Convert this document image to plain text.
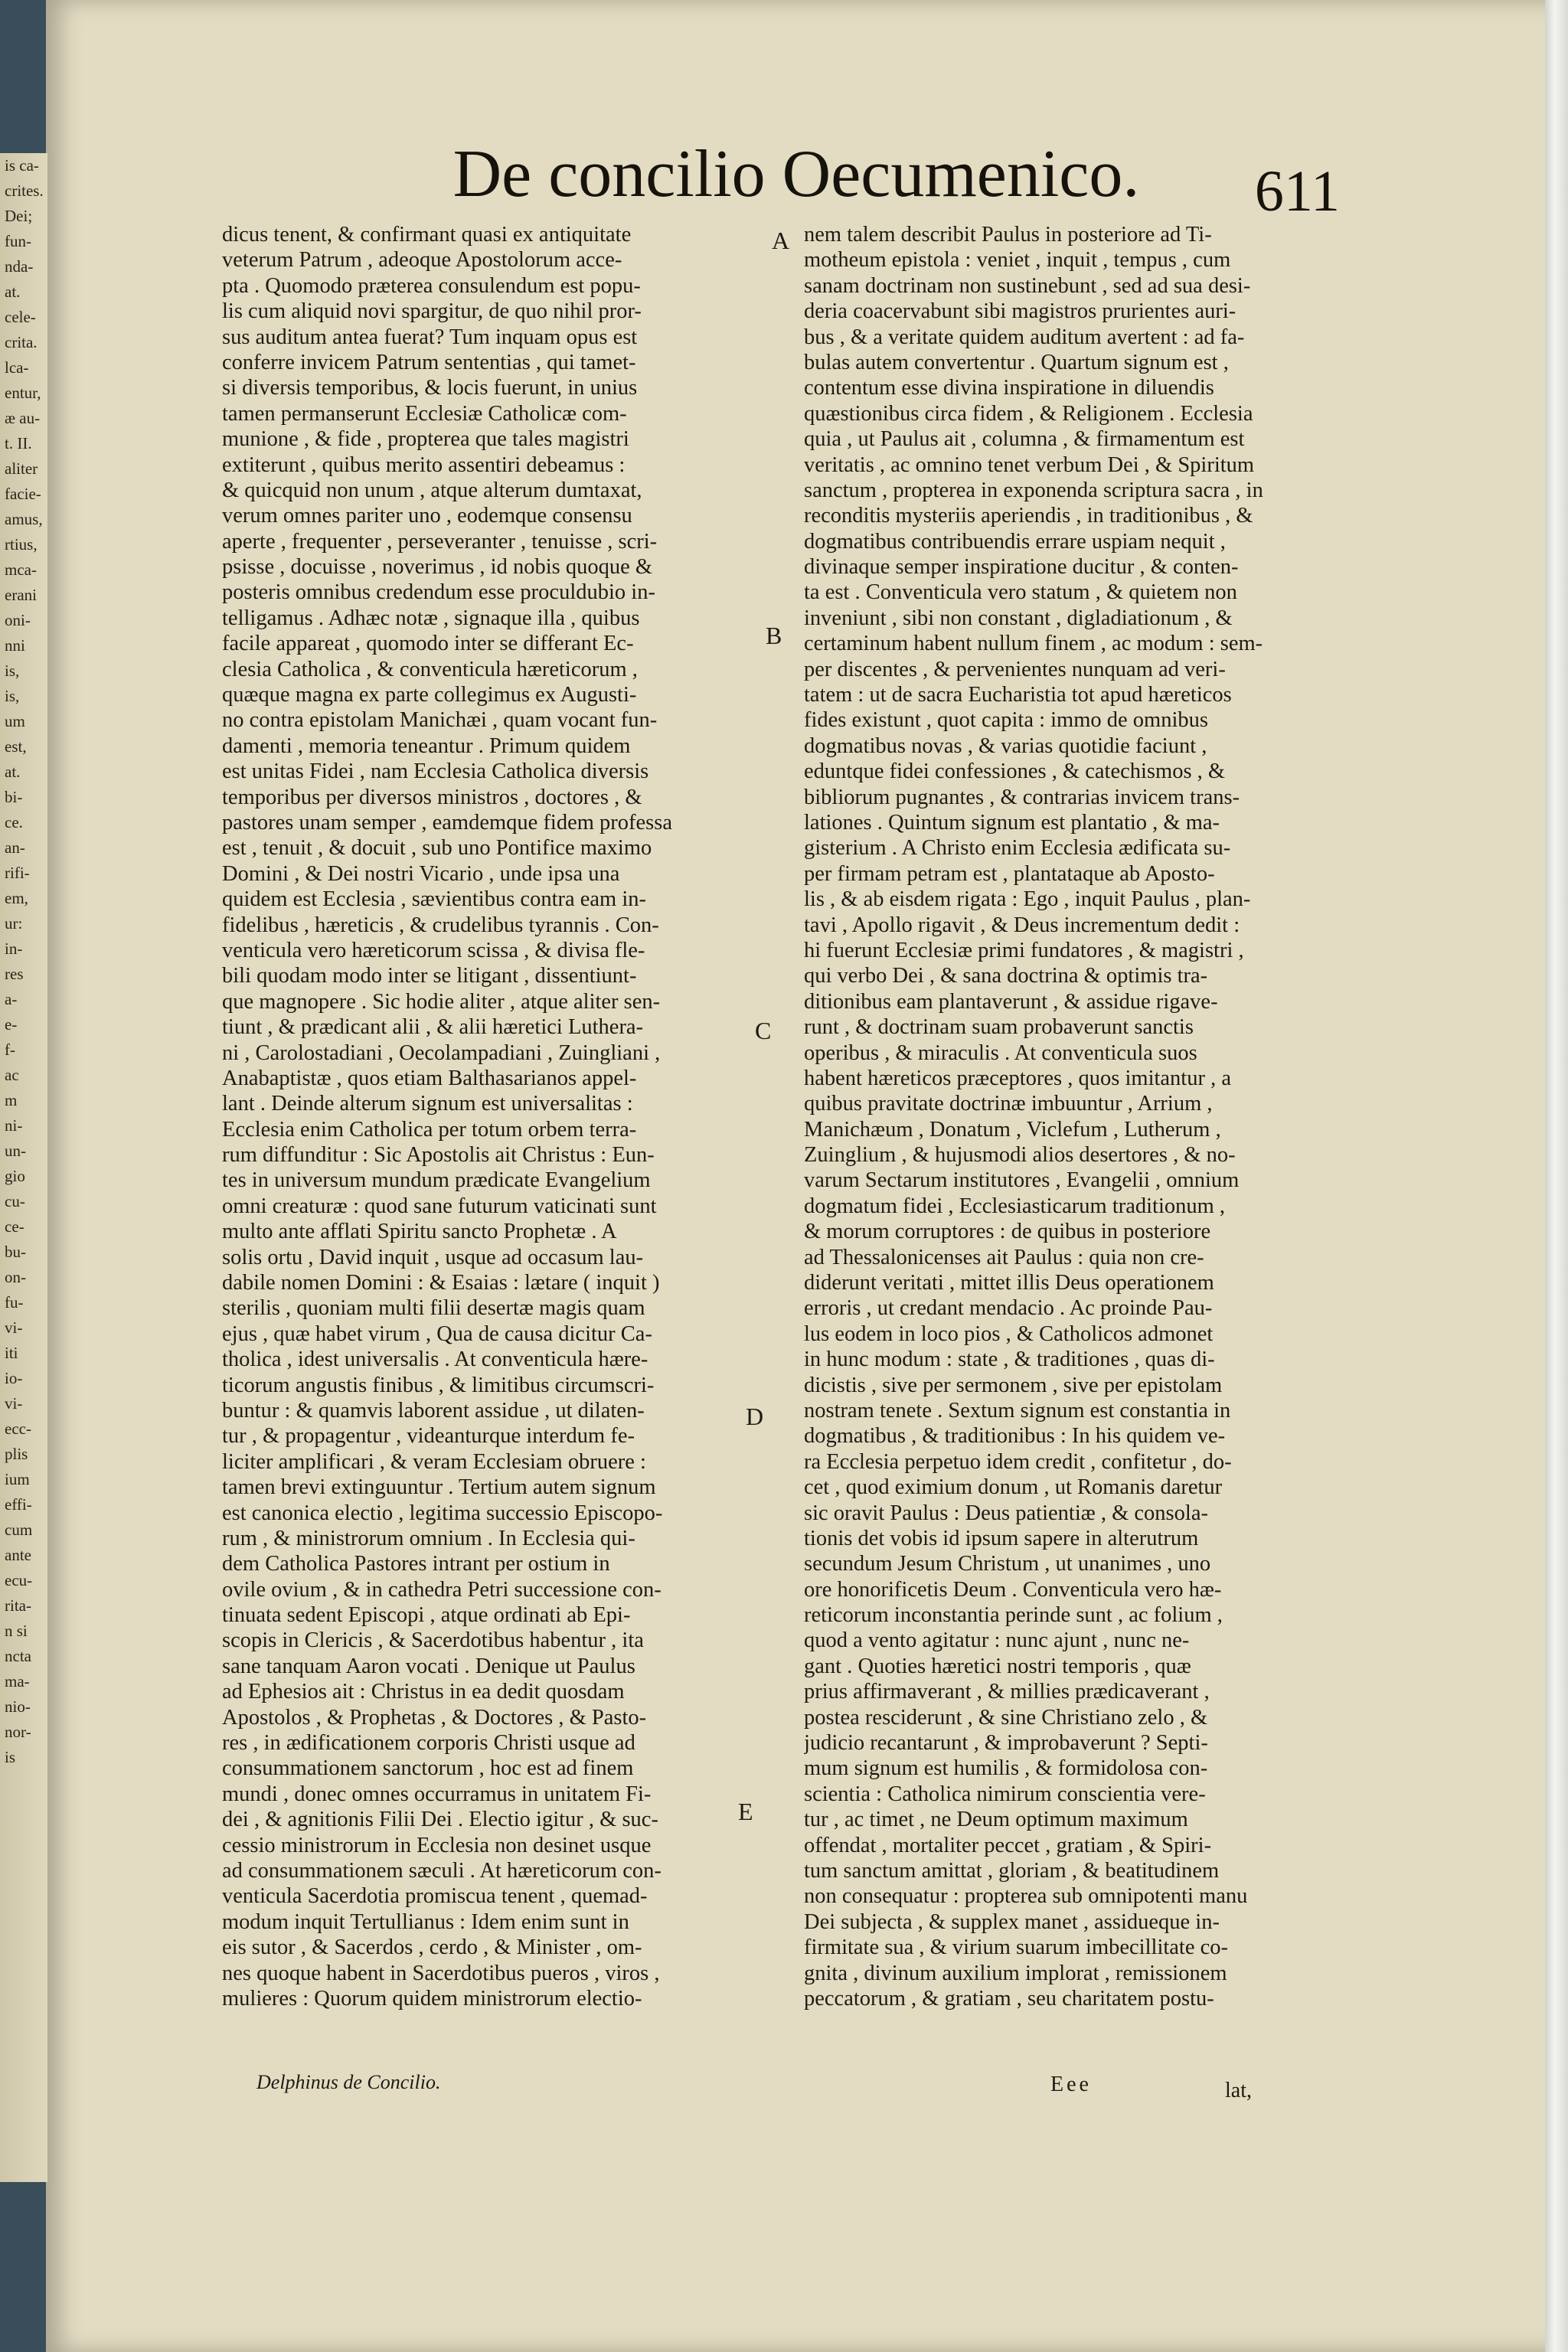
is ca-
crites.
Dei;
fun-
nda-
at.
cele-
crita.
lca-
entur,
æ au-
t. II.
aliter
facie-
amus,
rtius,
mca-
erani
oni-
nni
is,
is,
um
est,
at.
bi-
ce.
an-
rifi-
em,
ur:
in-
res
a-
e-
f-
ac
m
ni-
un-
gio
cu-
ce-
bu-
on-
fu-
vi-
iti
io-
vi-
ecc-
plis
ium
effi-
cum
ante
ecu-
rita-
n si
ncta
ma-
nio-
nor-
is
De concilio Oecumenico.	611
dicus tenent, & confirmant quasi ex antiquitate
veterum Patrum , adeoque Apostolorum acce-
pta . Quomodo præterea consulendum est popu-
lis cum aliquid novi spargitur, de quo nihil pror-
sus auditum antea fuerat? Tum inquam opus est
conferre invicem Patrum sententias , qui tamet-
si diversis temporibus, & locis fuerunt, in unius
tamen permanserunt Ecclesiæ Catholicæ com-
munione , & fide , propterea que tales magistri
extiterunt , quibus merito assentiri debeamus :
& quicquid non unum , atque alterum dumtaxat,
verum omnes pariter uno , eodemque consensu
aperte , frequenter , perseveranter , tenuisse , scri-
psisse , docuisse , noverimus , id nobis quoque &
posteris omnibus credendum esse proculdubio in-
telligamus . Adhæc notæ , signaque illa , quibus
facile appareat , quomodo inter se differant Ec-
clesia Catholica , & conventicula hæreticorum ,
quæque magna ex parte collegimus ex Augusti-
no contra epistolam Manichæi , quam vocant fun-
damenti , memoria teneantur . Primum quidem
est unitas Fidei , nam Ecclesia Catholica diversis
temporibus per diversos ministros , doctores , &
pastores unam semper , eamdemque fidem professa
est , tenuit , & docuit , sub uno Pontifice maximo
Domini , & Dei nostri Vicario , unde ipsa una
quidem est Ecclesia , sævientibus contra eam in-
fidelibus , hæreticis , & crudelibus tyrannis . Con-
venticula vero hæreticorum scissa , & divisa fle-
bili quodam modo inter se litigant , dissentiunt-
que magnopere . Sic hodie aliter , atque aliter sen-
tiunt , & prædicant alii , & alii hæretici Luthera-
ni , Carolostadiani , Oecolampadiani , Zuingliani ,
Anabaptistæ , quos etiam Balthasarianos appel-
lant . Deinde alterum signum est universalitas :
Ecclesia enim Catholica per totum orbem terra-
rum diffunditur : Sic Apostolis ait Christus : Eun-
tes in universum mundum prædicate Evangelium
omni creaturæ : quod sane futurum vaticinati sunt
multo ante afflati Spiritu sancto Prophetæ . A
solis ortu , David inquit , usque ad occasum lau-
dabile nomen Domini : & Esaias : lætare ( inquit )
sterilis , quoniam multi filii desertæ magis quam
ejus , quæ habet virum , Qua de causa dicitur Ca-
tholica , idest universalis . At conventicula hære-
ticorum angustis finibus , & limitibus circumscri-
buntur : & quamvis laborent assidue , ut dilaten-
tur , & propagentur , videanturque interdum fe-
liciter amplificari , & veram Ecclesiam obruere :
tamen brevi extinguuntur . Tertium autem signum
est canonica electio , legitima successio Episcopo-
rum , & ministrorum omnium . In Ecclesia qui-
dem Catholica Pastores intrant per ostium in
ovile ovium , & in cathedra Petri successione con-
tinuata sedent Episcopi , atque ordinati ab Epi-
scopis in Clericis , & Sacerdotibus habentur , ita
sane tanquam Aaron vocati . Denique ut Paulus
ad Ephesios ait : Christus in ea dedit quosdam
Apostolos , & Prophetas , & Doctores , & Pasto-
res , in ædificationem corporis Christi usque ad
consummationem sanctorum , hoc est ad finem
mundi , donec omnes occurramus in unitatem Fi-
dei , & agnitionis Filii Dei . Electio igitur , & suc-
cessio ministrorum in Ecclesia non desinet usque
ad consummationem sæculi . At hæreticorum con-
venticula Sacerdotia promiscua tenent , quemad-
modum inquit Tertullianus : Idem enim sunt in
eis sutor , & Sacerdos , cerdo , & Minister , om-
nes quoque habent in Sacerdotibus pueros , viros ,
mulieres : Quorum quidem ministrorum electio-
nem talem describit Paulus in posteriore ad Ti-
motheum epistola : veniet , inquit , tempus , cum
sanam doctrinam non sustinebunt , sed ad sua desi-
deria coacervabunt sibi magistros prurientes auri-
bus , & a veritate quidem auditum avertent : ad fa-
bulas autem convertentur . Quartum signum est ,
contentum esse divina inspiratione in diluendis
quæstionibus circa fidem , & Religionem . Ecclesia
quia , ut Paulus ait , columna , & firmamentum est
veritatis , ac omnino tenet verbum Dei , & Spiritum
sanctum , propterea in exponenda scriptura sacra , in
reconditis mysteriis aperiendis , in traditionibus , &
dogmatibus contribuendis errare uspiam nequit ,
divinaque semper inspiratione ducitur , & conten-
ta est . Conventicula vero statum , & quietem non
inveniunt , sibi non constant , digladiationum , &
certaminum habent nullum finem , ac modum : sem-
per discentes , & pervenientes nunquam ad veri-
tatem : ut de sacra Eucharistia tot apud hæreticos
fides existunt , quot capita : immo de omnibus
dogmatibus novas , & varias quotidie faciunt ,
eduntque fidei confessiones , & catechismos , &
bibliorum pugnantes , & contrarias invicem trans-
lationes . Quintum signum est plantatio , & ma-
gisterium . A Christo enim Ecclesia ædificata su-
per firmam petram est , plantataque ab Aposto-
lis , & ab eisdem rigata : Ego , inquit Paulus , plan-
tavi , Apollo rigavit , & Deus incrementum dedit :
hi fuerunt Ecclesiæ primi fundatores , & magistri ,
qui verbo Dei , & sana doctrina & optimis tra-
ditionibus eam plantaverunt , & assidue rigave-
runt , & doctrinam suam probaverunt sanctis
operibus , & miraculis . At conventicula suos
habent hæreticos præceptores , quos imitantur , a
quibus pravitate doctrinæ imbuuntur , Arrium ,
Manichæum , Donatum , Viclefum , Lutherum ,
Zuinglium , & hujusmodi alios desertores , & no-
varum Sectarum institutores , Evangelii , omnium
dogmatum fidei , Ecclesiasticarum traditionum ,
& morum corruptores : de quibus in posteriore
ad Thessalonicenses ait Paulus : quia non cre-
diderunt veritati , mittet illis Deus operationem
erroris , ut credant mendacio . Ac proinde Pau-
lus eodem in loco pios , & Catholicos admonet
in hunc modum : state , & traditiones , quas di-
dicistis , sive per sermonem , sive per epistolam
nostram tenete . Sextum signum est constantia in
dogmatibus , & traditionibus : In his quidem ve-
ra Ecclesia perpetuo idem credit , confitetur , do-
cet , quod eximium donum , ut Romanis daretur
sic oravit Paulus : Deus patientiæ , & consola-
tionis det vobis id ipsum sapere in alterutrum
secundum Jesum Christum , ut unanimes , uno
ore honorificetis Deum . Conventicula vero hæ-
reticorum inconstantia perinde sunt , ac folium ,
quod a vento agitatur : nunc ajunt , nunc ne-
gant . Quoties hæretici nostri temporis , quæ
prius affirmaverant , & millies prædicaverant ,
postea resciderunt , & sine Christiano zelo , &
judicio recantarunt , & improbaverunt ? Septi-
mum signum est humilis , & formidolosa con-
scientia : Catholica nimirum conscientia vere-
tur , ac timet , ne Deum optimum maximum
offendat , mortaliter peccet , gratiam , & Spiri-
tum sanctum amittat , gloriam , & beatitudinem
non consequatur : propterea sub omnipotenti manu
Dei subjecta , & supplex manet , assidueque in-
firmitate sua , & virium suarum imbecillitate co-
gnita , divinum auxilium implorat , remissionem
peccatorum , & gratiam , seu charitatem postu-
A
B
C
D
E
Delphinus de Concilio.	Eee	lat,
